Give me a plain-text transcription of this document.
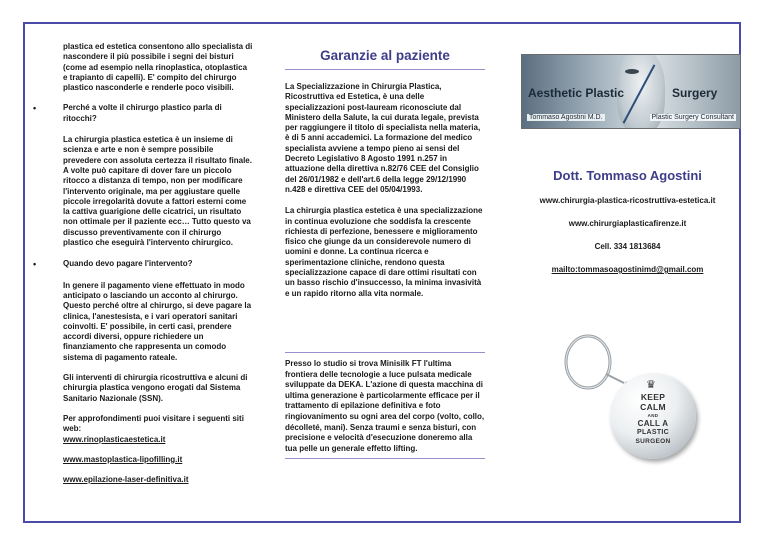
plastica ed estetica consentono allo specialista di nascondere il più possibile i segni dei bisturi (come ad esempio nella rinoplastica, otoplastica e trapianto di capelli). E' compito del chirurgo plastico nasconderle e renderle poco visibili.

• Perché a volte il chirurgo plastico parla di ritocchi?

La chirurgia plastica estetica è un insieme di scienza e arte e non è sempre possibile prevedere con assoluta certezza il risultato finale. A volte può capitare di dover fare un piccolo ritocco a distanza di tempo, non per modificare l'intervento originale, ma per aggiustare quelle piccole irregolarità dovute a fattori esterni come la cattiva guarigione delle cicatrici, un risultato non ottimale per il paziente ecc… Tutto questo va discusso preventivamente con il chirurgo plastico che eseguirà l'intervento chirurgico.

• Quando devo pagare l'intervento?

In genere il pagamento viene effettuato in modo anticipato o lasciando un acconto al chirurgo. Questo perché oltre al chirurgo, si deve pagare la clinica, l'anestesista, e i vari operatori sanitari coinvolti. E' possibile, in certi casi, prendere accordi diversi, oppure richiedere un finanziamento che rappresenta un comodo sistema di pagamento rateale.

Gli interventi di chirurgia ricostruttiva e alcuni di chirurgia plastica vengono erogati dal Sistema Sanitario Nazionale (SSN).

Per approfondimenti puoi visitare i seguenti siti web:

www.rinoplasticaestetica.it

www.mastoplastica-lipofilling.it

www.epilazione-laser-definitiva.it

Garanzie al paziente

La Specializzazione in Chirurgia Plastica, Ricostruttiva ed Estetica, è una delle specializzazioni post-lauream riconosciute dal Ministero della Salute, la cui durata legale, prevista per raggiungere il titolo di specialista nella materia, è di 5 anni accademici. La formazione del medico specialista avviene a tempo pieno ai sensi del Decreto Legislativo 8 Agosto 1991 n.257 in attuazione della direttiva n.82/76 CEE del Consiglio del 26/01/1982 e dell'art.6 della legge 29/12/1990 n.428 e direttiva CEE del 05/04/1993.

La chirurgia plastica estetica è una specializzazione in continua evoluzione che soddisfa la crescente richiesta di perfezione, benessere e miglioramento fisico che giunge da un considerevole numero di uomini e donne. La continua ricerca e sperimentazione cliniche, rendono questa specializzazione capace di dare ottimi risultati con un basso rischio d'insuccesso, la minima invasività e un rapido ritorno alla vita normale.

Presso lo studio si trova Minisilk FT l'ultima frontiera delle tecnologie a luce pulsata medicale sviluppate da DEKA. L'azione di questa macchina di ultima generazione è particolarmente efficace per il trattamento di epilazione definitiva e foto ringiovanimento su ogni area del corpo (volto, collo, décolleté, mani). Senza traumi e senza bisturi, con precisione e velocità d'esecuzione doneremo alla tua pelle un generale effetto lifting.

Aesthetic Plastic	Surgery
Tommaso Agostini M.D.	Plastic Surgery Consultant
Dott. Tommaso Agostini
www.chirurgia-plastica-ricostruttiva-estetica.it
www.chirurgiaplasticafirenze.it
Cell. 334 1813684
mailto:tommasoagostinimd@gmail.com
♛
KEEP
CALM
AND
CALL A
PLASTIC
SURGEON
